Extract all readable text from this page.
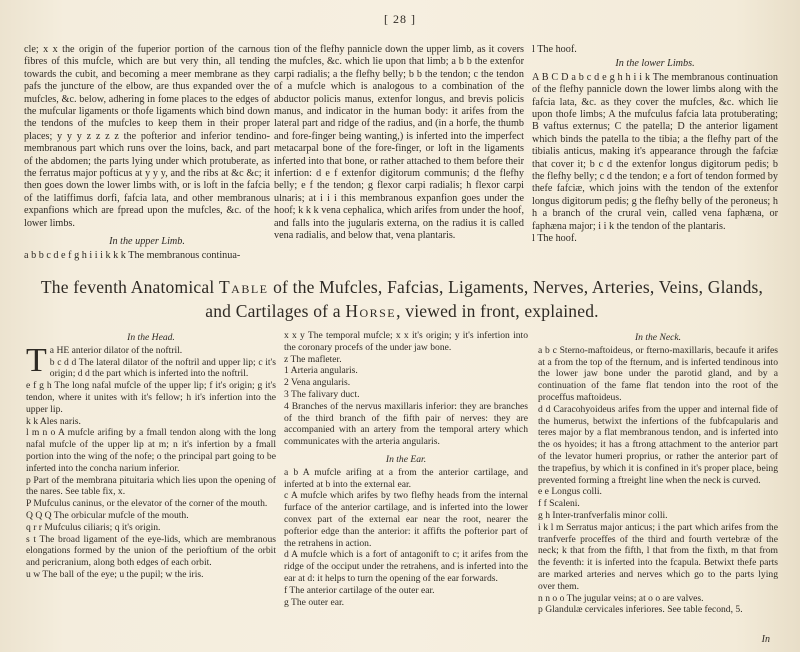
[ 28 ]

cle; x x the origin of the fuperior portion of the carnous fibres of this mufcle, which are but very thin, all tending towards the cubit, and becoming a meer membrane as they pafs the juncture of the elbow, are thus expanded over the mufcles, &c. below, adhering in fome places to the edges of the mufcular ligaments or thofe ligaments which bind down the tendons of the mufcles to keep them in their proper places; y y y z z z z the pofterior and inferior tendino-membranous part which runs over the loins, back, and part of the abdomen; the parts lying under which protuberate, as the ferratus major pofticus at y y y, and the ribs at &c &c; it then goes down the lower limbs with, or is loft in the fafcia of the latiffimus dorfi, fafcia lata, and other membranous expanfions which are fpread upon the mufcles, &c. of the lower limbs.

In the upper Limb.

a b b c d e f g h i i i k k k The membranous continua-

tion of the flefhy pannicle down the upper limb, as it covers the mufcles, &c. which lie upon that limb; a b b the extenfor carpi radialis; a the flefhy belly; b b the tendon; c the tendon of a mufcle which is analogous to a combination of the abductor policis manus, extenfor longus, and brevis policis manus, and indicator in the human body: it arifes from the lateral part and ridge of the radius, and (in a horfe, the thumb and fore-finger being wanting,) is inferted into the imperfect metacarpal bone of the fore-finger, or loft in the ligaments inferted into that bone, or rather attached to them before their infertion: d e f extenfor digitorum communis; d the flefhy belly; e f the tendon; g flexor carpi radialis; h flexor carpi ulnaris; at i i i this membranous expanfion goes under the hoof; k k k vena cephalica, which arifes from under the hoof, and falls into the jugularis externa, on the radius it is called vena radialis, and below that, vena plantaris.

l The hoof.

In the lower Limbs.

A B C D a b c d e g h h i i k The membranous continuation of the flefhy pannicle down the lower limbs along with the fafcia lata, &c. as they cover the mufcles, &c. which lie upon thofe limbs; A the mufculus fafcia lata protuberating; B vaftus externus; C the patella; D the anterior ligament which binds the patella to the tibia; a the flefhy part of the tibialis anticus, making it's appearance through the fafciæ that cover it; b c d the extenfor longus digitorum pedis; b the flefhy belly; c d the tendon; e a fort of tendon formed by thefe fafciæ, which joins with the tendon of the extenfor longus digitorum pedis; g the flefhy belly of the peroneus; h h a branch of the crural vein, called vena faphæna, or faphæna major; i i k the tendon of the plantaris.

l The hoof.

The feventh Anatomical Table of the Mufcles, Fafcias, Ligaments, Nerves, Arteries, Veins, Glands,
and Cartilages of a Horse, viewed in front, explained.

In the Head.

T a HE anterior dilator of the noftril.

b c d d The lateral dilator of the noftril and upper lip; c it's origin; d d the part which is inferted into the noftril.

e f g h The long nafal mufcle of the upper lip; f it's origin; g it's tendon, where it unites with it's fellow; h it's infertion into the upper lip.

k k Ales naris.

l m n o A mufcle arifing by a fmall tendon along with the long nafal mufcle of the upper lip at m; n it's infertion by a fmall portion into the wing of the nofe; o the principal part going to be inferted into the concha narium inferior.

p Part of the membrana pituitaria which lies upon the opening of the nares. See table fix, x.

P Mufculus caninus, or the elevator of the corner of the mouth.

Q Q Q The orbicular mufcle of the mouth.

q r r Mufculus ciliaris; q it's origin.

s t The broad ligament of the eye-lids, which are membranous elongations formed by the union of the perioftium of the orbit and pericranium, along both edges of each orbit.

u w The ball of the eye; u the pupil; w the iris.

x x y The temporal mufcle; x x it's origin; y it's infertion into the coronary procefs of the under jaw bone.

z The mafleter.

1 Arteria angularis.

2 Vena angularis.

3 The falivary duct.

4 Branches of the nervus maxillaris inferior: they are branches of the third branch of the fifth pair of nerves: they are accompanied with an artery from the temporal artery which communicates with the arteria angularis.

In the Ear.

a b A mufcle arifing at a from the anterior cartilage, and inferted at b into the external ear.

c A mufcle which arifes by two flefhy heads from the internal furface of the anterior cartilage, and is inferted into the lower convex part of the external ear near the root, nearer the pofterior edge than the anterior: it affifts the pofterior part of the retrahens in action.

d A mufcle which is a fort of antagonift to c; it arifes from the ridge of the occiput under the retrahens, and is inferted into the ear at d: it helps to turn the opening of the ear forwards.

f The anterior cartilage of the outer ear.

g The outer ear.

In the Neck.

a b c Sterno-maftoideus, or fterno-maxillaris, becaufe it arifes at a from the top of the fternum, and is inferted tendinous into the lower jaw bone under the parotid gland, and by a continuation of the fame flat tendon into the root of the proceffus maftoideus.

d d Caracohyoideus arifes from the upper and internal fide of the humerus, betwixt the infertions of the fubfcapularis and teres major by a flat membranous tendon, and is inferted into the os hyoides; it has a ftrong attachment to the anterior part of the levator humeri proprius, or rather the anterior part of the trapefius, by which it is confined in it's proper place, being prevented forming a ftreight line when the neck is curved.

e e Longus colli.

f f Scaleni.

g h Inter-tranfverfalis minor colli.

i k l m Serratus major anticus; i the part which arifes from the tranfverfe proceffes of the third and fourth vertebræ of the neck; k that from the fifth, l that from the fixth, m that from the feventh: it is inferted into the fcapula. Betwixt thefe parts are marked arteries and nerves which go to the parts lying over them.

n n o o The jugular veins; at o o are valves.

p Glandulæ cervicales inferiores. See table fecond, 5.

In
